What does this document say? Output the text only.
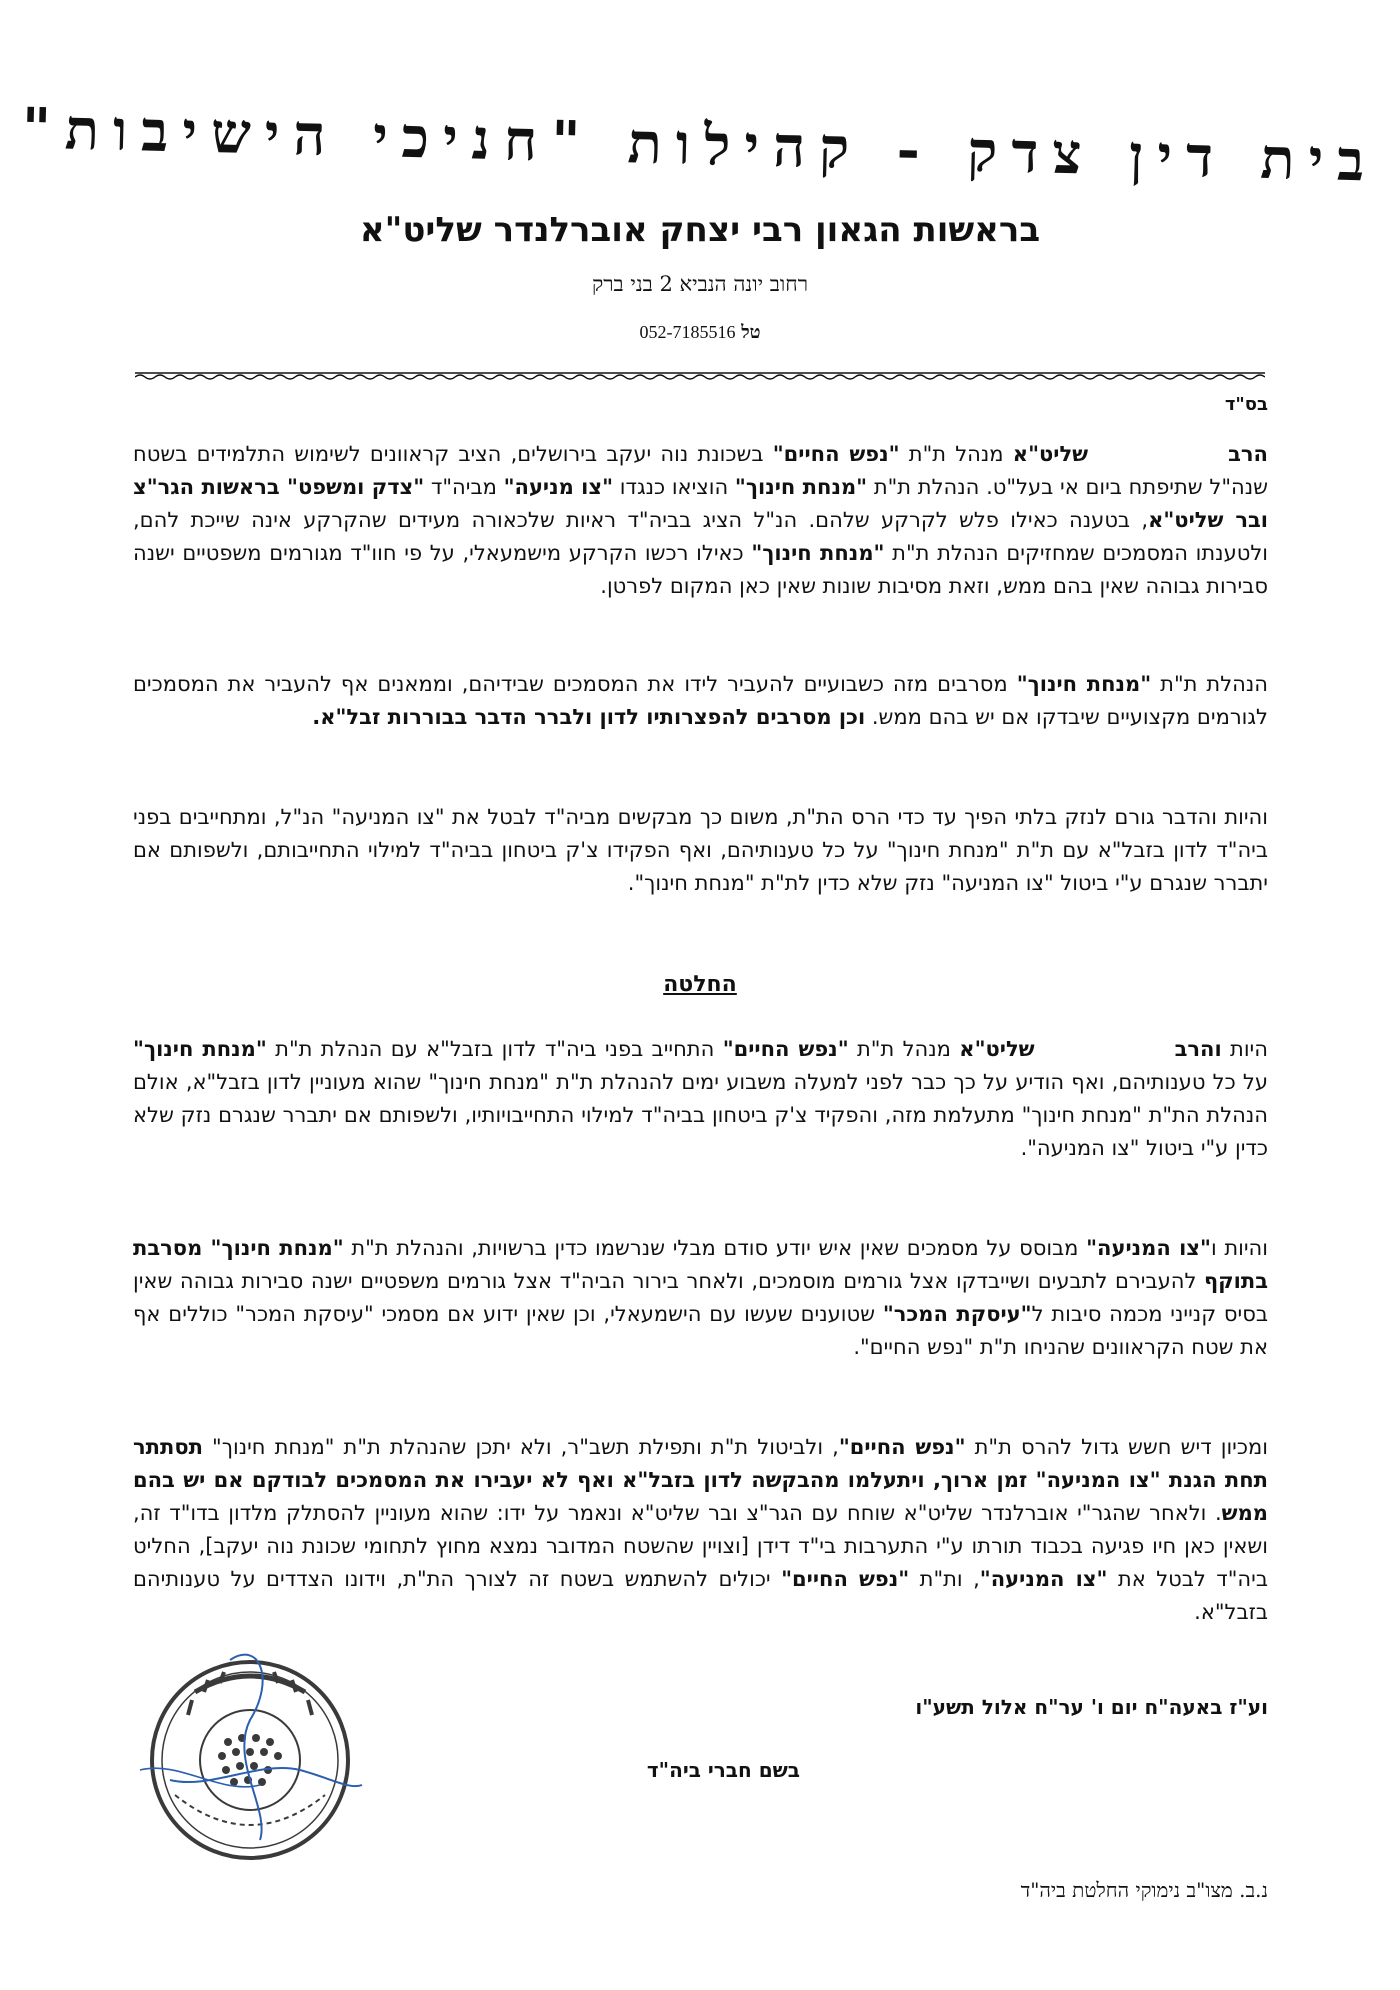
בית דין צדק - קהילות "חניכי הישיבות"
בראשות הגאון רבי יצחק אוברלנדר שליט"א
רחוב יונה הנביא 2 בני ברק
טל 052-7185516
בס"ד
הרבשליט"א מנהל ת"ת "נפש החיים" בשכונת נוה יעקב בירושלים, הציב קראוונים לשימוש התלמידים בשטח שנה"ל שתיפתח ביום אי בעל"ט. הנהלת ת"ת "מנחת חינוך" הוציאו כנגדו "צו מניעה" מביה"ד "צדק ומשפט" בראשות הגר"צ ובר שליט"א, בטענה כאילו פלש לקרקע שלהם. הנ"ל הציג בביה"ד ראיות שלכאורה מעידים שהקרקע אינה שייכת להם, ולטענתו המסמכים שמחזיקים הנהלת ת"ת "מנחת חינוך" כאילו רכשו הקרקע מישמעאלי, על פי חוו"ד מגורמים משפטיים ישנה סבירות גבוהה שאין בהם ממש, וזאת מסיבות שונות שאין כאן המקום לפרטן.
הנהלת ת"ת "מנחת חינוך" מסרבים מזה כשבועיים להעביר לידו את המסמכים שבידיהם, וממאנים אף להעביר את המסמכים לגורמים מקצועיים שיבדקו אם יש בהם ממש. וכן מסרבים להפצרותיו לדון ולברר הדבר בבוררות זבל"א.
והיות והדבר גורם לנזק בלתי הפיך עד כדי הרס הת"ת, משום כך מבקשים מביה"ד לבטל את "צו המניעה" הנ"ל, ומתחייבים בפני ביה"ד לדון בזבל"א עם ת"ת "מנחת חינוך" על כל טענותיהם, ואף הפקידו צ'ק ביטחון בביה"ד למילוי התחייבותם, ולשפותם אם יתברר שנגרם ע"י ביטול "צו המניעה" נזק שלא כדין לת"ת "מנחת חינוך".
החלטה
היות והרבשליט"א מנהל ת"ת "נפש החיים" התחייב בפני ביה"ד לדון בזבל"א עם הנהלת ת"ת "מנחת חינוך" על כל טענותיהם, ואף הודיע על כך כבר לפני למעלה משבוע ימים להנהלת ת"ת "מנחת חינוך" שהוא מעוניין לדון בזבל"א, אולם הנהלת הת"ת "מנחת חינוך" מתעלמת מזה, והפקיד צ'ק ביטחון בביה"ד למילוי התחייבויותיו, ולשפותם אם יתברר שנגרם נזק שלא כדין ע"י ביטול "צו המניעה".
והיות ו"צו המניעה" מבוסס על מסמכים שאין איש יודע סודם מבלי שנרשמו כדין ברשויות, והנהלת ת"ת "מנחת חינוך" מסרבת בתוקף להעבירם לתבעים ושייבדקו אצל גורמים מוסמכים, ולאחר בירור הביה"ד אצל גורמים משפטיים ישנה סבירות גבוהה שאין בסיס קנייני מכמה סיבות ל"עיסקת המכר" שטוענים שעשו עם הישמעאלי, וכן שאין ידוע אם מסמכי "עיסקת המכר" כוללים אף את שטח הקראוונים שהניחו ת"ת "נפש החיים".
ומכיון דיש חשש גדול להרס ת"ת "נפש החיים", ולביטול ת"ת ותפילת תשב"ר, ולא יתכן שהנהלת ת"ת "מנחת חינוך" תסתתר תחת הגנת "צו המניעה" זמן ארוך, ויתעלמו מהבקשה לדון בזבל"א ואף לא יעבירו את המסמכים לבודקם אם יש בהם ממש. ולאחר שהגר"י אוברלנדר שליט"א שוחח עם הגר"צ ובר שליט"א ונאמר על ידו: שהוא מעוניין להסתלק מלדון בדו"ד זה, ושאין כאן חיו פגיעה בכבוד תורתו ע"י התערבות בי"ד דידן [וצויין שהשטח המדובר נמצא מחוץ לתחומי שכונת נוה יעקב], החליט ביה"ד לבטל את "צו המניעה", ות"ת "נפש החיים" יכולים להשתמש בשטח זה לצורך הת"ת, וידונו הצדדים על טענותיהם בזבל"א.
וע"ז באעה"ח יום ו' ער"ח אלול תשע"ו
בשם חברי ביה"ד
נ.ב. מצו"ב נימוקי החלטת ביה"ד
